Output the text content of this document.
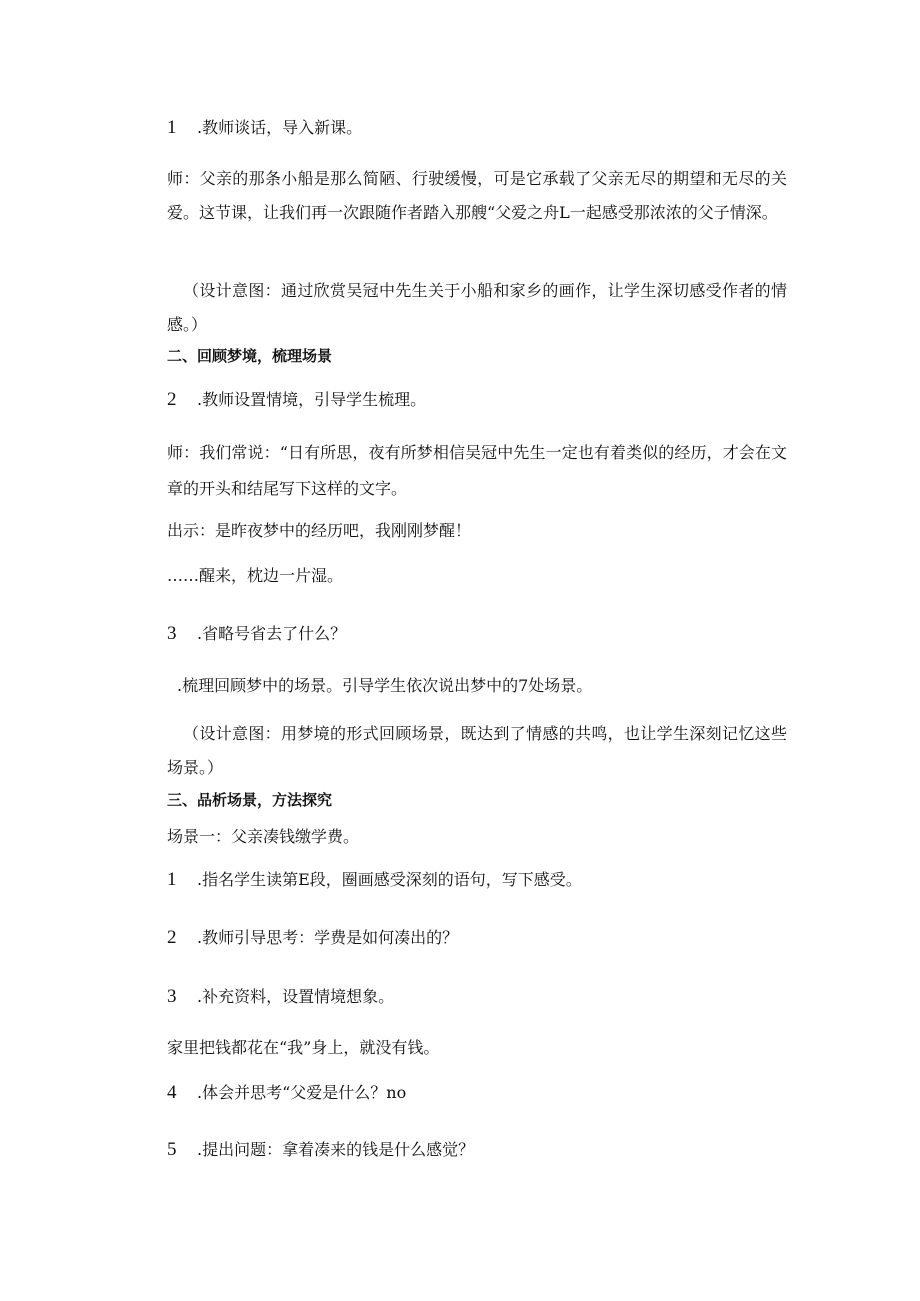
1 .教师谈话，导入新课。

师：父亲的那条小船是那么简陋、行驶缓慢，可是它承载了父亲无尽的期望和无尽的关爱。这节课，让我们再一次跟随作者踏入那艘“父爱之舟L一起感受那浓浓的父子情深。

（设计意图：通过欣赏吴冠中先生关于小船和家乡的画作，让学生深切感受作者的情感。）

二、回顾梦境，梳理场景

2 .教师设置情境，引导学生梳理。

师：我们常说：“日有所思，夜有所梦相信吴冠中先生一定也有着类似的经历，才会在文章的开头和结尾写下这样的文字。

出示：是昨夜梦中的经历吧，我刚刚梦醒！

……醒来，枕边一片湿。

3 .省略号省去了什么？

.梳理回顾梦中的场景。引导学生依次说出梦中的7处场景。

（设计意图：用梦境的形式回顾场景，既达到了情感的共鸣，也让学生深刻记忆这些场景。）

三、品析场景，方法探究

场景一：父亲凑钱缴学费。

1 .指名学生读第E段，圈画感受深刻的语句，写下感受。

2 .教师引导思考：学费是如何凑出的？

3 .补充资料，设置情境想象。

家里把钱都花在“我”身上，就没有钱。

4 .体会并思考“父爱是什么？no

5 .提出问题：拿着凑来的钱是什么感觉？
